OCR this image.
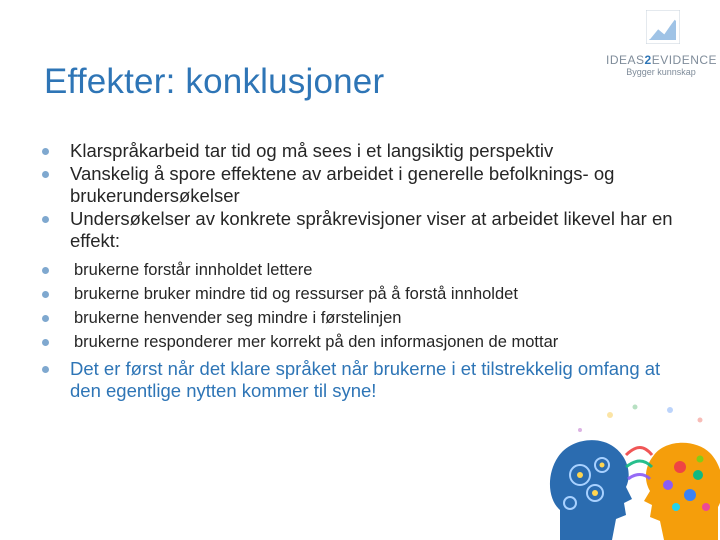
Effekter: konklusjoner
IDEAS2EVIDENCE
Bygger kunnskap
Klarspråkarbeid tar tid og må sees i et langsiktig perspektiv
Vanskelig å spore effektene av arbeidet i generelle befolknings- og brukerundersøkelser
Undersøkelser av konkrete språkrevisjoner viser at arbeidet likevel har en effekt:
brukerne forstår innholdet lettere
brukerne bruker mindre tid og ressurser på å forstå innholdet
brukerne henvender seg mindre i førstelinjen
brukerne responderer mer korrekt på den informasjonen de mottar
Det er først når det klare språket når brukerne i et tilstrekkelig omfang at den egentlige nytten kommer til syne!
